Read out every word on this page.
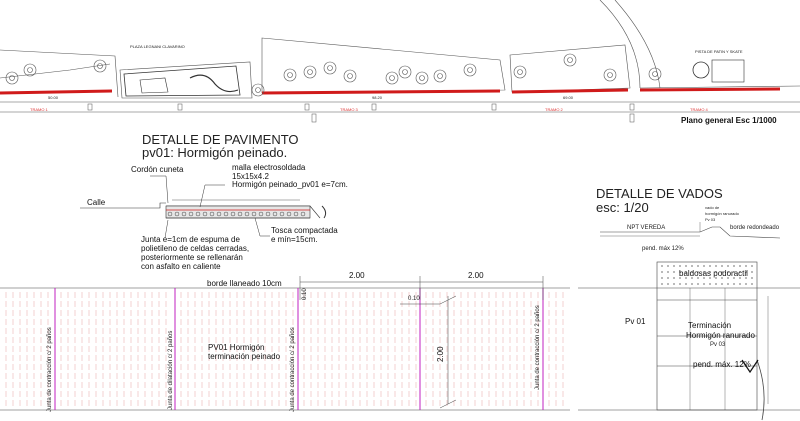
PLAZA LEGNANI CLAVARINO

PISTA DE PATIN Y SKATE

TRAMO 1	TRAMO 2

TRAMO 3	TRAMO 4

50.00	98.20	69.00

Plano general Esc 1/1000

DETALLE DE PAVIMENTO

pv01: Hormigón peinado.

Cordón cuneta

Calle

malla electrosoldada

15x15x4.2

Hormigón peinado_pv01 e=7cm.

Junta e=1cm de espuma de

polietileno de celdas cerradas,

posteriormente se rellenarán

con asfalto en caliente

Tosca compactada

e mín=15cm.

borde llaneado 10cm

2.00	2.00

2.00

0.10	0.10

PV01 Hormigón

terminación peinado

Junta de contracción c/ 2 paños	Junta de dilatación c/ 2 paños	Junta de contracción c/ 2 paños	Junta de contracción c/ 2 paños

DETALLE DE VADOS

esc: 1/20	vado de

hormigón ranurado

Pv 03

NPT VEREDA	borde redondeado

pend. máx 12%

baldosas podoractil

Pv 01	Terminación

Hormigón ranurado

Pv 03

pend. máx. 12%
